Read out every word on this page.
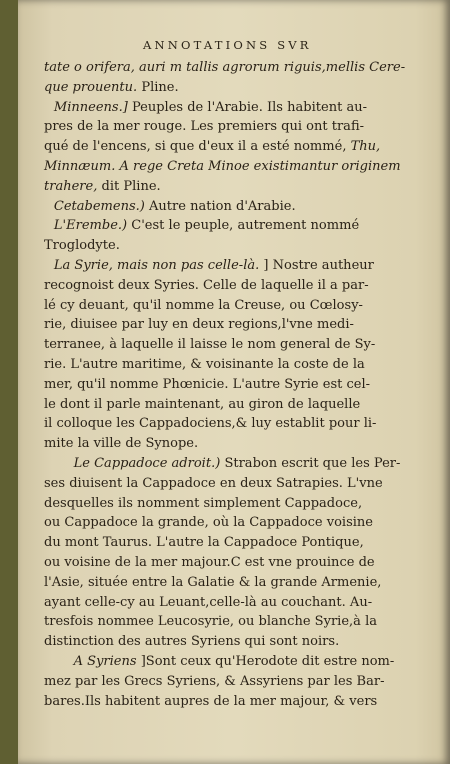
ANNOTATIONS SVR
tate o orifera, auri m tallis agrorum riguis,mellis Cere-
que prouentu. Pline.
Minneens.] Peuples de l'Arabie. Ils habitent au-
pres de la mer rouge. Les premiers qui ont trafi-
qué de l'encens, si que d'eux il a esté nommé, Thu,
Minnæum. A rege Creta Minoe existimantur originem
trahere, dit Pline.
Cetabemens.) Autre nation d'Arabie.
L'Erembe.) C'est le peuple, autrement nommé
Troglodyte.
La Syrie, mais non pas celle-là. ] Nostre autheur
recognoist deux Syries. Celle de laquelle il a par-
lé cy deuant, qu'il nomme la Creuse, ou Cœlosy-
rie, diuisee par luy en deux regions,l'vne medi-
terranee, à laquelle il laisse le nom general de Sy-
rie. L'autre maritime, & voisinante la coste de la
mer, qu'il nomme Phœnicie. L'autre Syrie est cel-
le dont il parle maintenant, au giron de laquelle
il colloque les Cappadociens,& luy establit pour li-
mite la ville de Synope.
Le Cappadoce adroit.) Strabon escrit que les Per-
ses diuisent la Cappadoce en deux Satrapies. L'vne
desquelles ils nomment simplement Cappadoce,
ou Cappadoce la grande, où la Cappadoce voisine
du mont Taurus. L'autre la Cappadoce Pontique,
ou voisine de la mer majour.C est vne prouince de
l'Asie, située entre la Galatie & la grande Armenie,
ayant celle-cy au Leuant,celle-là au couchant. Au-
tresfois nommee Leucosyrie, ou blanche Syrie,à la
distinction des autres Syriens qui sont noirs.
A Syriens ]Sont ceux qu'Herodote dit estre nom-
mez par les Grecs Syriens, & Assyriens par les Bar-
bares.Ils habitent aupres de la mer majour, & vers
